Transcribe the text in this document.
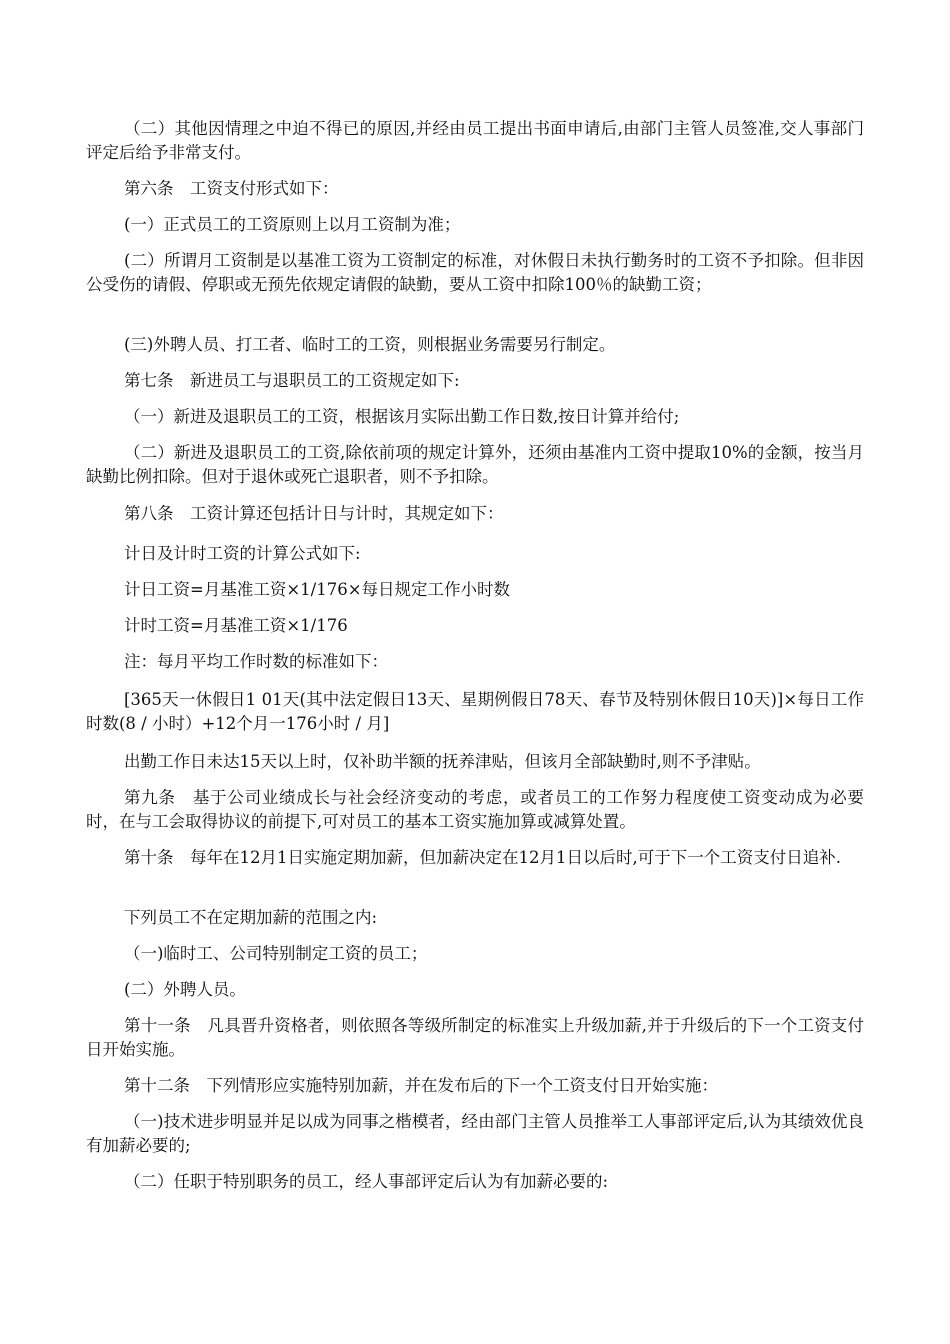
（二）其他因情理之中迫不得已的原因,并经由员工提出书面申请后,由部门主管人员签准,交人事部门评定后给予非常支付。
第六条　工资支付形式如下：
(一）正式员工的工资原则上以月工资制为准；
(二）所谓月工资制是以基准工资为工资制定的标准，对休假日未执行勤务时的工资不予扣除。但非因公受伤的请假、停职或无预先依规定请假的缺勤，要从工资中扣除100％的缺勤工资；
(三)外聘人员、打工者、临时工的工资，则根据业务需要另行制定。
第七条　新进员工与退职员工的工资规定如下:
（一）新进及退职员工的工资，根据该月实际出勤工作日数,按日计算并给付;
（二）新进及退职员工的工资,除依前项的规定计算外，还须由基准内工资中提取10%的金额，按当月缺勤比例扣除。但对于退休或死亡退职者，则不予扣除。
第八条　工资计算还包括计日与计时，其规定如下：
计日及计时工资的计算公式如下:
计日工资=月基准工资×1/176×每日规定工作小时数
计时工资=月基准工资×1/176
注：每月平均工作时数的标准如下：
[365天一休假日1 01天(其中法定假日13天、星期例假日78天、春节及特别休假日10天)]×每日工作时数(8 / 小时）+12个月一176小时 / 月]
出勤工作日未达15天以上时，仅补助半额的抚养津贴，但该月全部缺勤时,则不予津贴。
第九条　基于公司业绩成长与社会经济变动的考虑，或者员工的工作努力程度使工资变动成为必要时，在与工会取得协议的前提下,可对员工的基本工资实施加算或减算处置。
第十条　每年在12月1日实施定期加薪，但加薪决定在12月1日以后时,可于下一个工资支付日追补.
下列员工不在定期加薪的范围之内:
（一)临时工、公司特别制定工资的员工；
(二）外聘人员。
第十一条　凡具晋升资格者，则依照各等级所制定的标准实上升级加薪,并于升级后的下一个工资支付日开始实施。
第十二条　下列情形应实施特别加薪，并在发布后的下一个工资支付日开始实施：
（一)技术进步明显并足以成为同事之楷模者，经由部门主管人员推举工人事部评定后,认为其绩效优良有加薪必要的;
（二）任职于特别职务的员工，经人事部评定后认为有加薪必要的:
